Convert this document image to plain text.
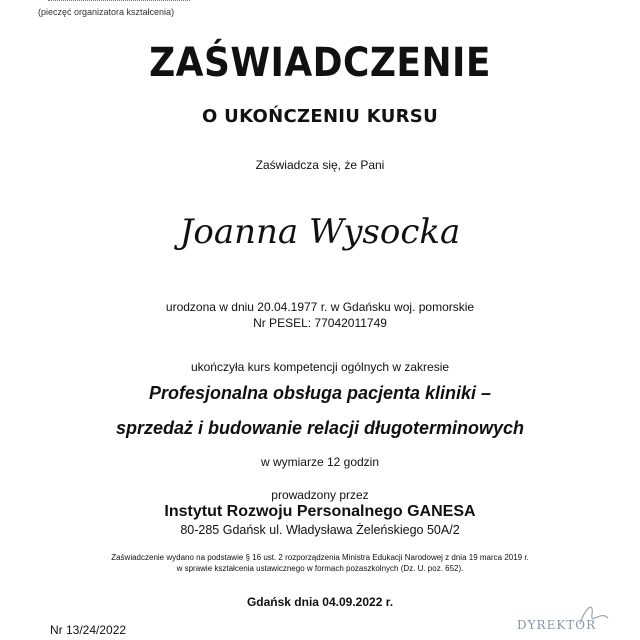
(pieczęć organizatora kształcenia)
ZAŚWIADCZENIE
O UKOŃCZENIU KURSU
Zaświadcza się, że Pani
Joanna Wysocka
urodzona w dniu 20.04.1977 r. w Gdańsku woj. pomorskie
Nr PESEL: 77042011749
ukończyła kurs kompetencji ogólnych w zakresie
Profesjonalna obsługa pacjenta kliniki –
sprzedaż i budowanie relacji długoterminowych
w wymiarze 12 godzin
prowadzony przez
Instytut Rozwoju Personalnego GANESA
80-285 Gdańsk ul. Władysława Żeleńskiego 50A/2
Zaświadczenie wydano na podstawie § 16 ust. 2 rozporządzenia Ministra Edukacji Narodowej z dnia 19 marca 2019 r.
w sprawie kształcenia ustawicznego w formach pozaszkolnych (Dz. U. poz. 652).
Gdańsk dnia 04.09.2022 r.
Nr 13/24/2022	DYREKTOR
